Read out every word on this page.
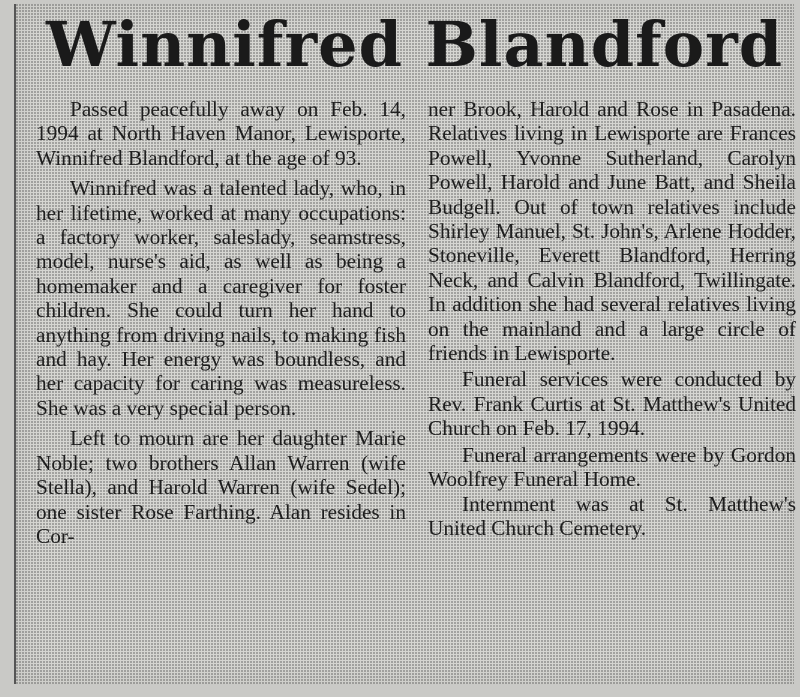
Winnifred Blandford

Passed peacefully away on Feb. 14, 1994 at North Haven Manor, Lewisporte, Winnifred Blandford, at the age of 93.

Winnifred was a talented lady, who, in her lifetime, worked at many occupations: a factory worker, saleslady, seamstress, model, nurse's aid, as well as being a homemaker and a caregiver for foster children. She could turn her hand to anything from driving nails, to making fish and hay. Her energy was boundless, and her capacity for caring was measureless. She was a very special person.

Left to mourn are her daughter Marie Noble; two brothers Allan Warren (wife Stella), and Harold Warren (wife Sedel); one sister Rose Farthing. Alan resides in Cor-

ner Brook, Harold and Rose in Pasadena. Relatives living in Lewisporte are Frances Powell, Yvonne Sutherland, Carolyn Powell, Harold and June Batt, and Sheila Budgell. Out of town relatives include Shirley Manuel, St. John's, Arlene Hodder, Stoneville, Everett Blandford, Herring Neck, and Calvin Blandford, Twillingate. In addition she had several relatives living on the mainland and a large circle of friends in Lewisporte.

Funeral services were conducted by Rev. Frank Curtis at St. Matthew's United Church on Feb. 17, 1994.

Funeral arrangements were by Gordon Woolfrey Funeral Home.

Internment was at St. Matthew's United Church Cemetery.
